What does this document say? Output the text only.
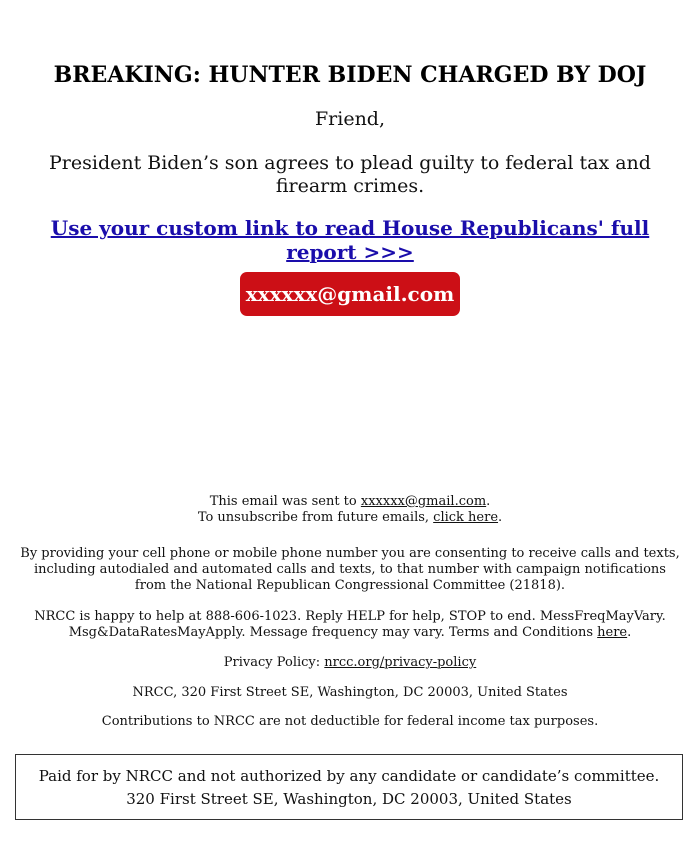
BREAKING: HUNTER BIDEN CHARGED BY DOJ

Friend,

President Biden’s son agrees to plead guilty to federal tax and firearm crimes.

Use your custom link to read House Republicans' full report >>>

xxxxxx@gmail.com

This email was sent to xxxxxx@gmail.com.
To unsubscribe from future emails, click here.

By providing your cell phone or mobile phone number you are consenting to receive calls and texts, including autodialed and automated calls and texts, to that number with campaign notifications from the National Republican Congressional Committee (21818).

NRCC is happy to help at 888-606-1023. Reply HELP for help, STOP to end. MessFreqMayVary. Msg&DataRatesMayApply. Message frequency may vary. Terms and Conditions here.

Privacy Policy: nrcc.org/privacy-policy

NRCC, 320 First Street SE, Washington, DC 20003, United States

Contributions to NRCC are not deductible for federal income tax purposes.

Paid for by NRCC and not authorized by any candidate or candidate’s committee. 320 First Street SE, Washington, DC 20003, United States
